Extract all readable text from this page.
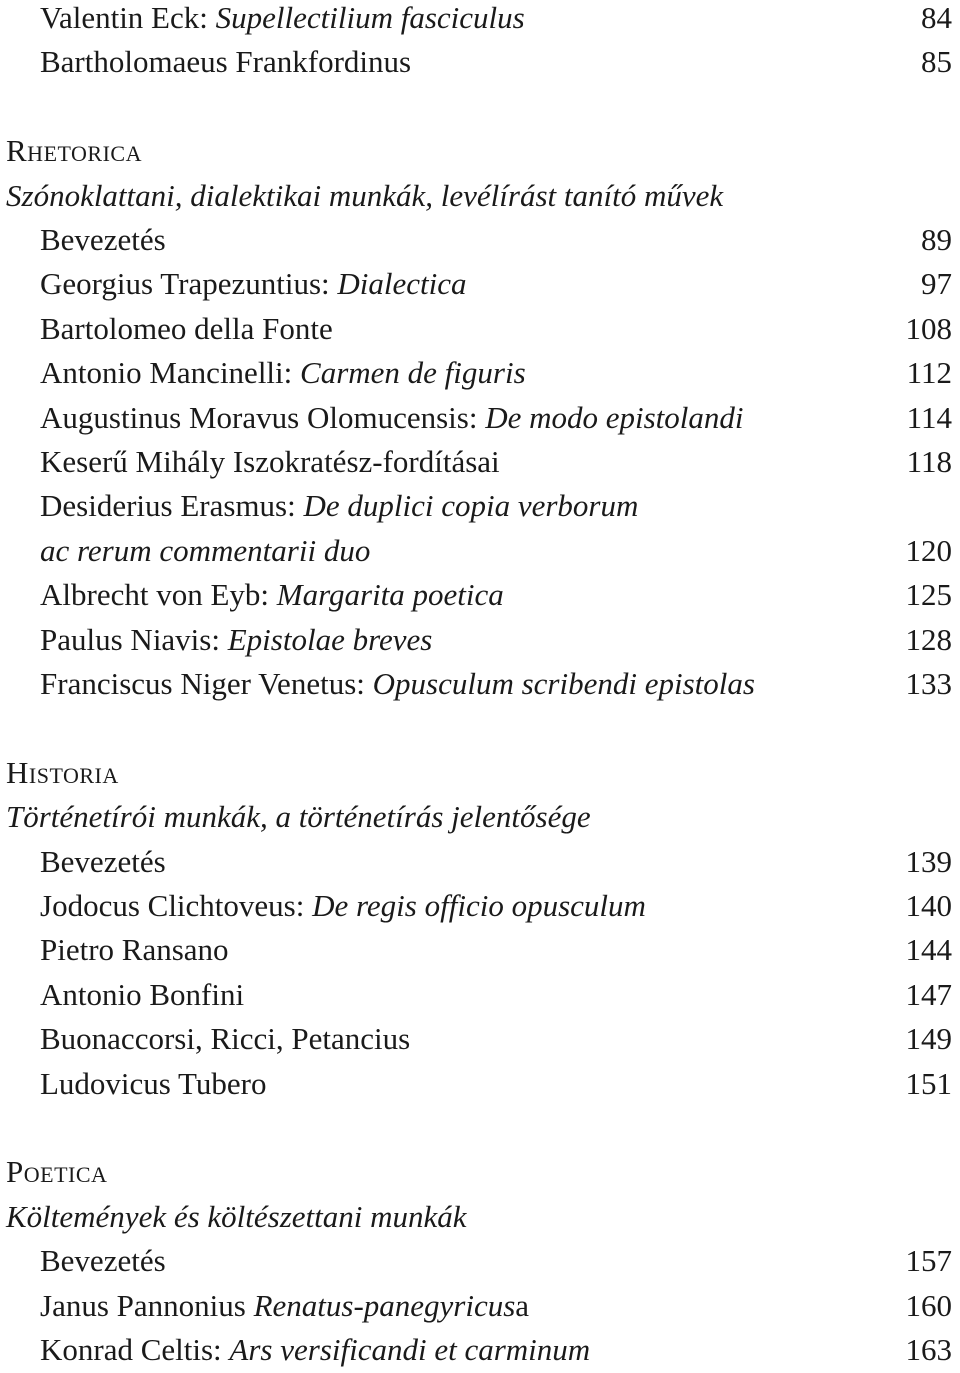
Valentin Eck: Supellectilium fasciculus	84
Bartholomaeus Frankfordinus	85
Rhetorica
Szónoklattani, dialektikai munkák, levélírást tanító művek
Bevezetés	89
Georgius Trapezuntius: Dialectica	97
Bartolomeo della Fonte	108
Antonio Mancinelli: Carmen de figuris	112
Augustinus Moravus Olomucensis: De modo epistolandi	114
Keserű Mihály Iszokratész-fordításai	118
Desiderius Erasmus: De duplici copia verborum
ac rerum commentarii duo	120
Albrecht von Eyb: Margarita poetica	125
Paulus Niavis: Epistolae breves	128
Franciscus Niger Venetus: Opusculum scribendi epistolas	133
Historia
Történetírói munkák, a történetírás jelentősége
Bevezetés	139
Jodocus Clichtoveus: De regis officio opusculum	140
Pietro Ransano	144
Antonio Bonfini	147
Buonaccorsi, Ricci, Petancius	149
Ludovicus Tubero	151
Poetica
Költemények és költészettani munkák
Bevezetés	157
Janus Pannonius Renatus-panegyricusa	160
Konrad Celtis: Ars versificandi et carminum	163
